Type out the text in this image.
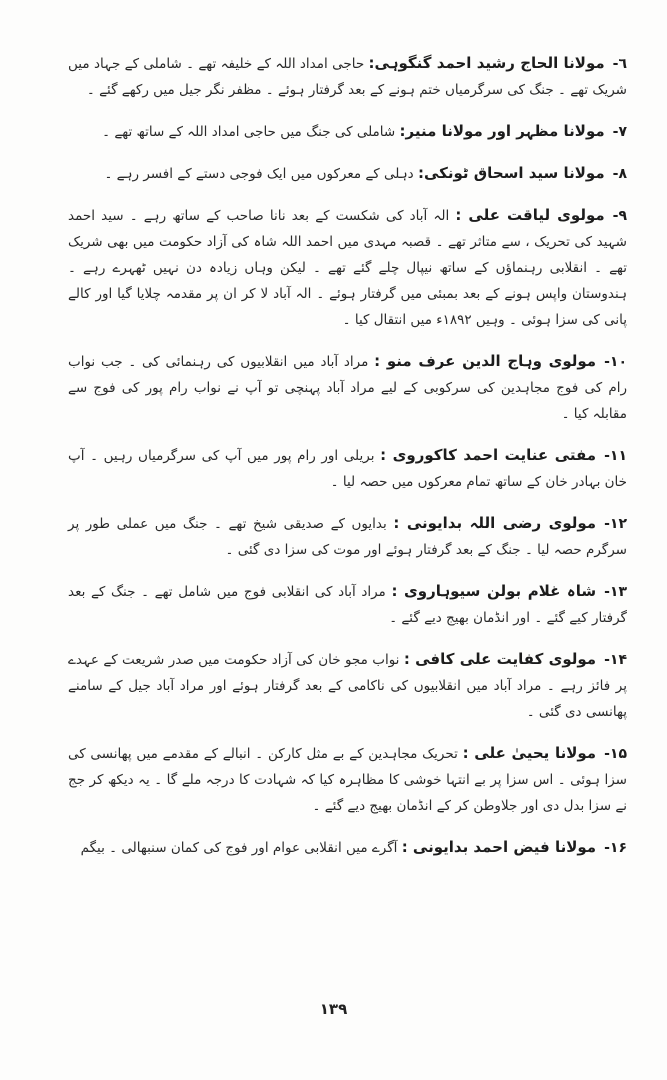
٦-مولانا الحاج رشید احمد گنگوہی: حاجی امداد اللہ کے خلیفہ تھے ۔ شاملی کے جہاد میں شریک تھے ۔ جنگ کی سرگرمیاں ختم ہونے کے بعد گرفتار ہوئے ۔ مظفر نگر جیل میں رکھے گئے ۔

۷-مولانا مظہر اور مولانا منیر: شاملی کی جنگ میں حاجی امداد اللہ کے ساتھ تھے ۔

۸-مولانا سید اسحاق ٹونکی: دہلی کے معرکوں میں ایک فوجی دستے کے افسر رہے ۔

۹-مولوی لیاقت علی : الہ آباد کی شکست کے بعد نانا صاحب کے ساتھ رہے ۔ سید احمد شہید کی تحریک ، سے متاثر تھے ۔ قصبہ مہدی میں احمد اللہ شاہ کی آزاد حکومت میں بھی شریک تھے ۔ انقلابی رہنماؤں کے ساتھ نیپال چلے گئے تھے ۔ لیکن وہاں زیادہ دن نہیں ٹھہرے رہے ۔ ہندوستان واپس ہونے کے بعد بمبئی میں گرفتار ہوئے ۔ الہ آباد لا کر ان پر مقدمہ چلایا گیا اور کالے پانی کی سزا ہوئی ۔ وہیں ۱۸۹۲ء میں انتقال کیا ۔

۱۰-مولوی وہاج الدین عرف منو : مراد آباد میں انقلابیوں کی رہنمائی کی ۔ جب نواب رام کی فوج مجاہدین کی سرکوبی کے لیے مراد آباد پہنچی تو آپ نے نواب رام پور کی فوج سے مقابلہ کیا ۔

۱۱-مفتی عنایت احمد کاکوروی : بریلی اور رام پور میں آپ کی سرگرمیاں رہیں ۔ آپ خان بہادر خان کے ساتھ تمام معرکوں میں حصہ لیا ۔

۱۲-مولوی رضی اللہ بدایونی : بدایوں کے صدیقی شیخ تھے ۔ جنگ میں عملی طور پر سرگرم حصہ لیا ۔ جنگ کے بعد گرفتار ہوئے اور موت کی سزا دی گئی ۔

۱۳-شاہ غلام بولن سیوہاروی : مراد آباد کی انقلابی فوج میں شامل تھے ۔ جنگ کے بعد گرفتار کیے گئے ۔ اور انڈمان بھیج دیے گئے ۔

۱۴-مولوی کفایت علی کافی : نواب مجو خان کی آزاد حکومت میں صدر شریعت کے عہدے پر فائز رہے ۔ مراد آباد میں انقلابیوں کی ناکامی کے بعد گرفتار ہوئے اور مراد آباد جیل کے سامنے پھانسی دی گئی ۔

۱۵-مولانا یحییٰ علی : تحریک مجاہدین کے بے مثل کارکن ۔ انبالے کے مقدمے میں پھانسی کی سزا ہوئی ۔ اس سزا پر بے انتہا خوشی کا مظاہرہ کیا کہ شہادت کا درجہ ملے گا ۔ یہ دیکھ کر جج نے سزا بدل دی اور جلاوطن کر کے انڈمان بھیج دیے گئے ۔

۱۶-مولانا فیض احمد بدایونی : آگرے میں انقلابی عوام اور فوج کی کمان سنبھالی ۔ بیگم

۱۳۹
